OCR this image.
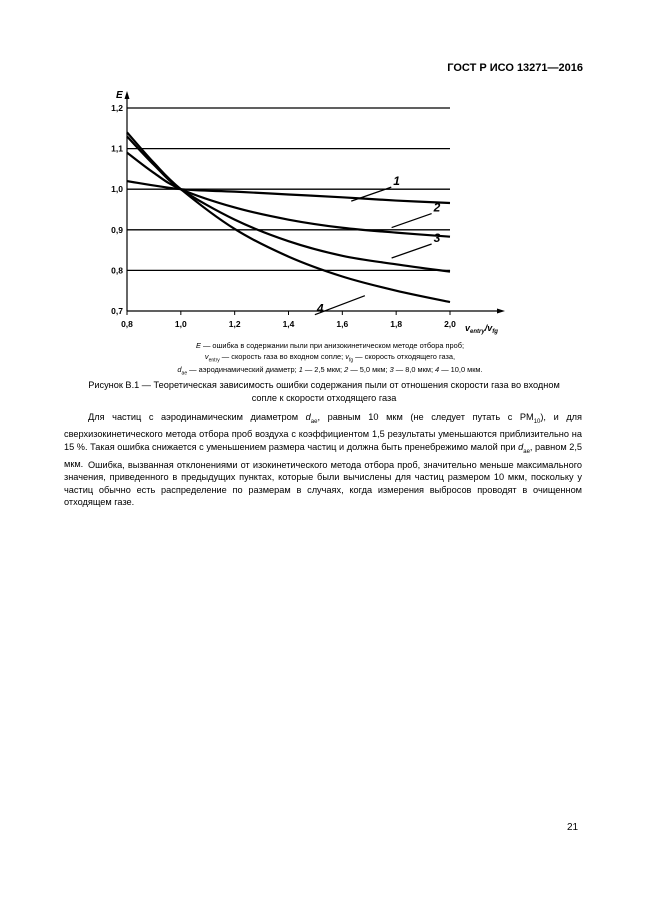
ГОСТ Р ИСО 13271—2016
1
2
3
4
0,8	1,0	1,2	1,4	1,6	1,8	2,0
0,7
0,8
0,9
1,0
1,1
1,2
E
$v_{entry}/v_{fg}$
E — ошибка в содержании пыли при анизокинетическом методе отбора проб;
$v_{entry}$ — скорость газа во входном сопле; $v_{fg}$ — скорость отходящего газа,
$d_{ae}$ — аэродинамический диаметр; 1 — 2,5 мкм; 2 — 5,0 мкм; 3 — 8,0 мкм; 4 — 10,0 мкм.
Рисунок В.1 — Теоретическая зависимость ошибки содержания пыли от отношения скорости газа во входном
сопле к скорости отходящего газа

Для частиц с аэродинамическим диаметром $d_{ae}$, равным 10 мкм (не следует путать с $PM_{10}$), и для сверхизокинетического метода отбора проб воздуха с коэффициентом 1,5 результаты уменьшаются приблизительно на 15 %. Такая ошибка снижается с уменьшением размера частиц и должна быть пренебрежимо малой при $d_{ae}$, равном 2,5 мкм. Ошибка, вызванная отклонениями от изокинетического метода отбора проб, значительно меньше максимального значения, приведенного в предыдущих пунктах, которые были вычислены для частиц размером 10 мкм, поскольку у частиц обычно есть распределение по размерам в случаях, когда измерения выбросов проводят в очищенном отходящем газе.

21
